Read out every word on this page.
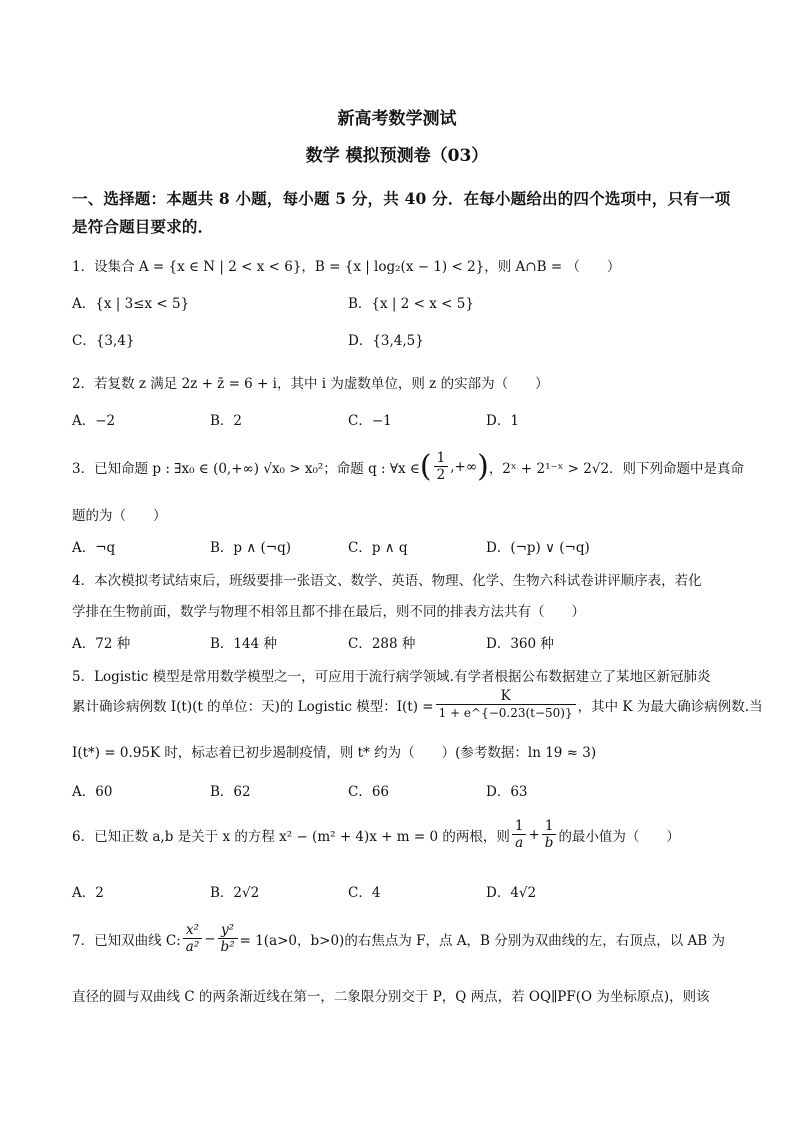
新高考数学测试
数学 模拟预测卷（03）
一、选择题：本题共 8 小题，每小题 5 分，共 40 分．在每小题给出的四个选项中，只有一项
是符合题目要求的．
1．设集合 A = {x ∈ N | 2 < x < 6}，B = {x | log₂(x − 1) < 2}，则 A∩B = （　　）
A．{x | 3≤x < 5}	B．{x | 2 < x < 5}
C．{3,4}	D．{3,4,5}
2．若复数 z 满足 2z + z̄ = 6 + i，其中 i 为虚数单位，则 z 的实部为（　　）
A．−2	B．2	C．−1	D．1
3．已知命题 p : ∃x₀ ∈ (0,+∞) √x₀ > x₀²；命题 q : ∀x ∈ ( $\frac{1}{2}$ ,+∞ ) ，2ˣ + 2¹⁻ˣ > 2√2．则下列命题中是真命
题的为（　　）
A．¬q	B．p ∧ (¬q)	C．p ∧ q	D．(¬p) ∨ (¬q)
4．本次模拟考试结束后，班级要排一张语文、数学、英语、物理、化学、生物六科试卷讲评顺序表，若化
学排在生物前面，数学与物理不相邻且都不排在最后，则不同的排表方法共有（　　）
A．72 种	B．144 种	C．288 种	D．360 种
5．Logistic 模型是常用数学模型之一，可应用于流行病学领域.有学者根据公布数据建立了某地区新冠肺炎
累计确诊病例数 I(t)(t 的单位：天)的 Logistic 模型：$I(t) = \frac{K}{1 + e\^{}\{-0.23(t-50)\}}$ ，其中 K 为最大确诊病例数.当
I(t*) = 0.95K 时，标志着已初步遏制疫情，则 t* 约为（　　）(参考数据：ln 19 ≈ 3)
A．60	B．62	C．66	D．63
6．已知正数 a,b 是关于 x 的方程 x² − (m² + 4)x + m = 0 的两根，则 $\frac{1}{a} + \frac{1}{b}$ 的最小值为（　　）
A．2	B．2√2	C．4	D．4√2
7．已知双曲线 C: $\frac{\text{x²}}{\text{a²}} - \frac{\text{y²}}{\text{b²}} = 1(a>0$，b>0)的右焦点为 F，点 A，B 分别为双曲线的左，右顶点，以 AB 为
直径的圆与双曲线 C 的两条渐近线在第一，二象限分别交于 P，Q 两点，若 OQ∥PF(O 为坐标原点)，则该
